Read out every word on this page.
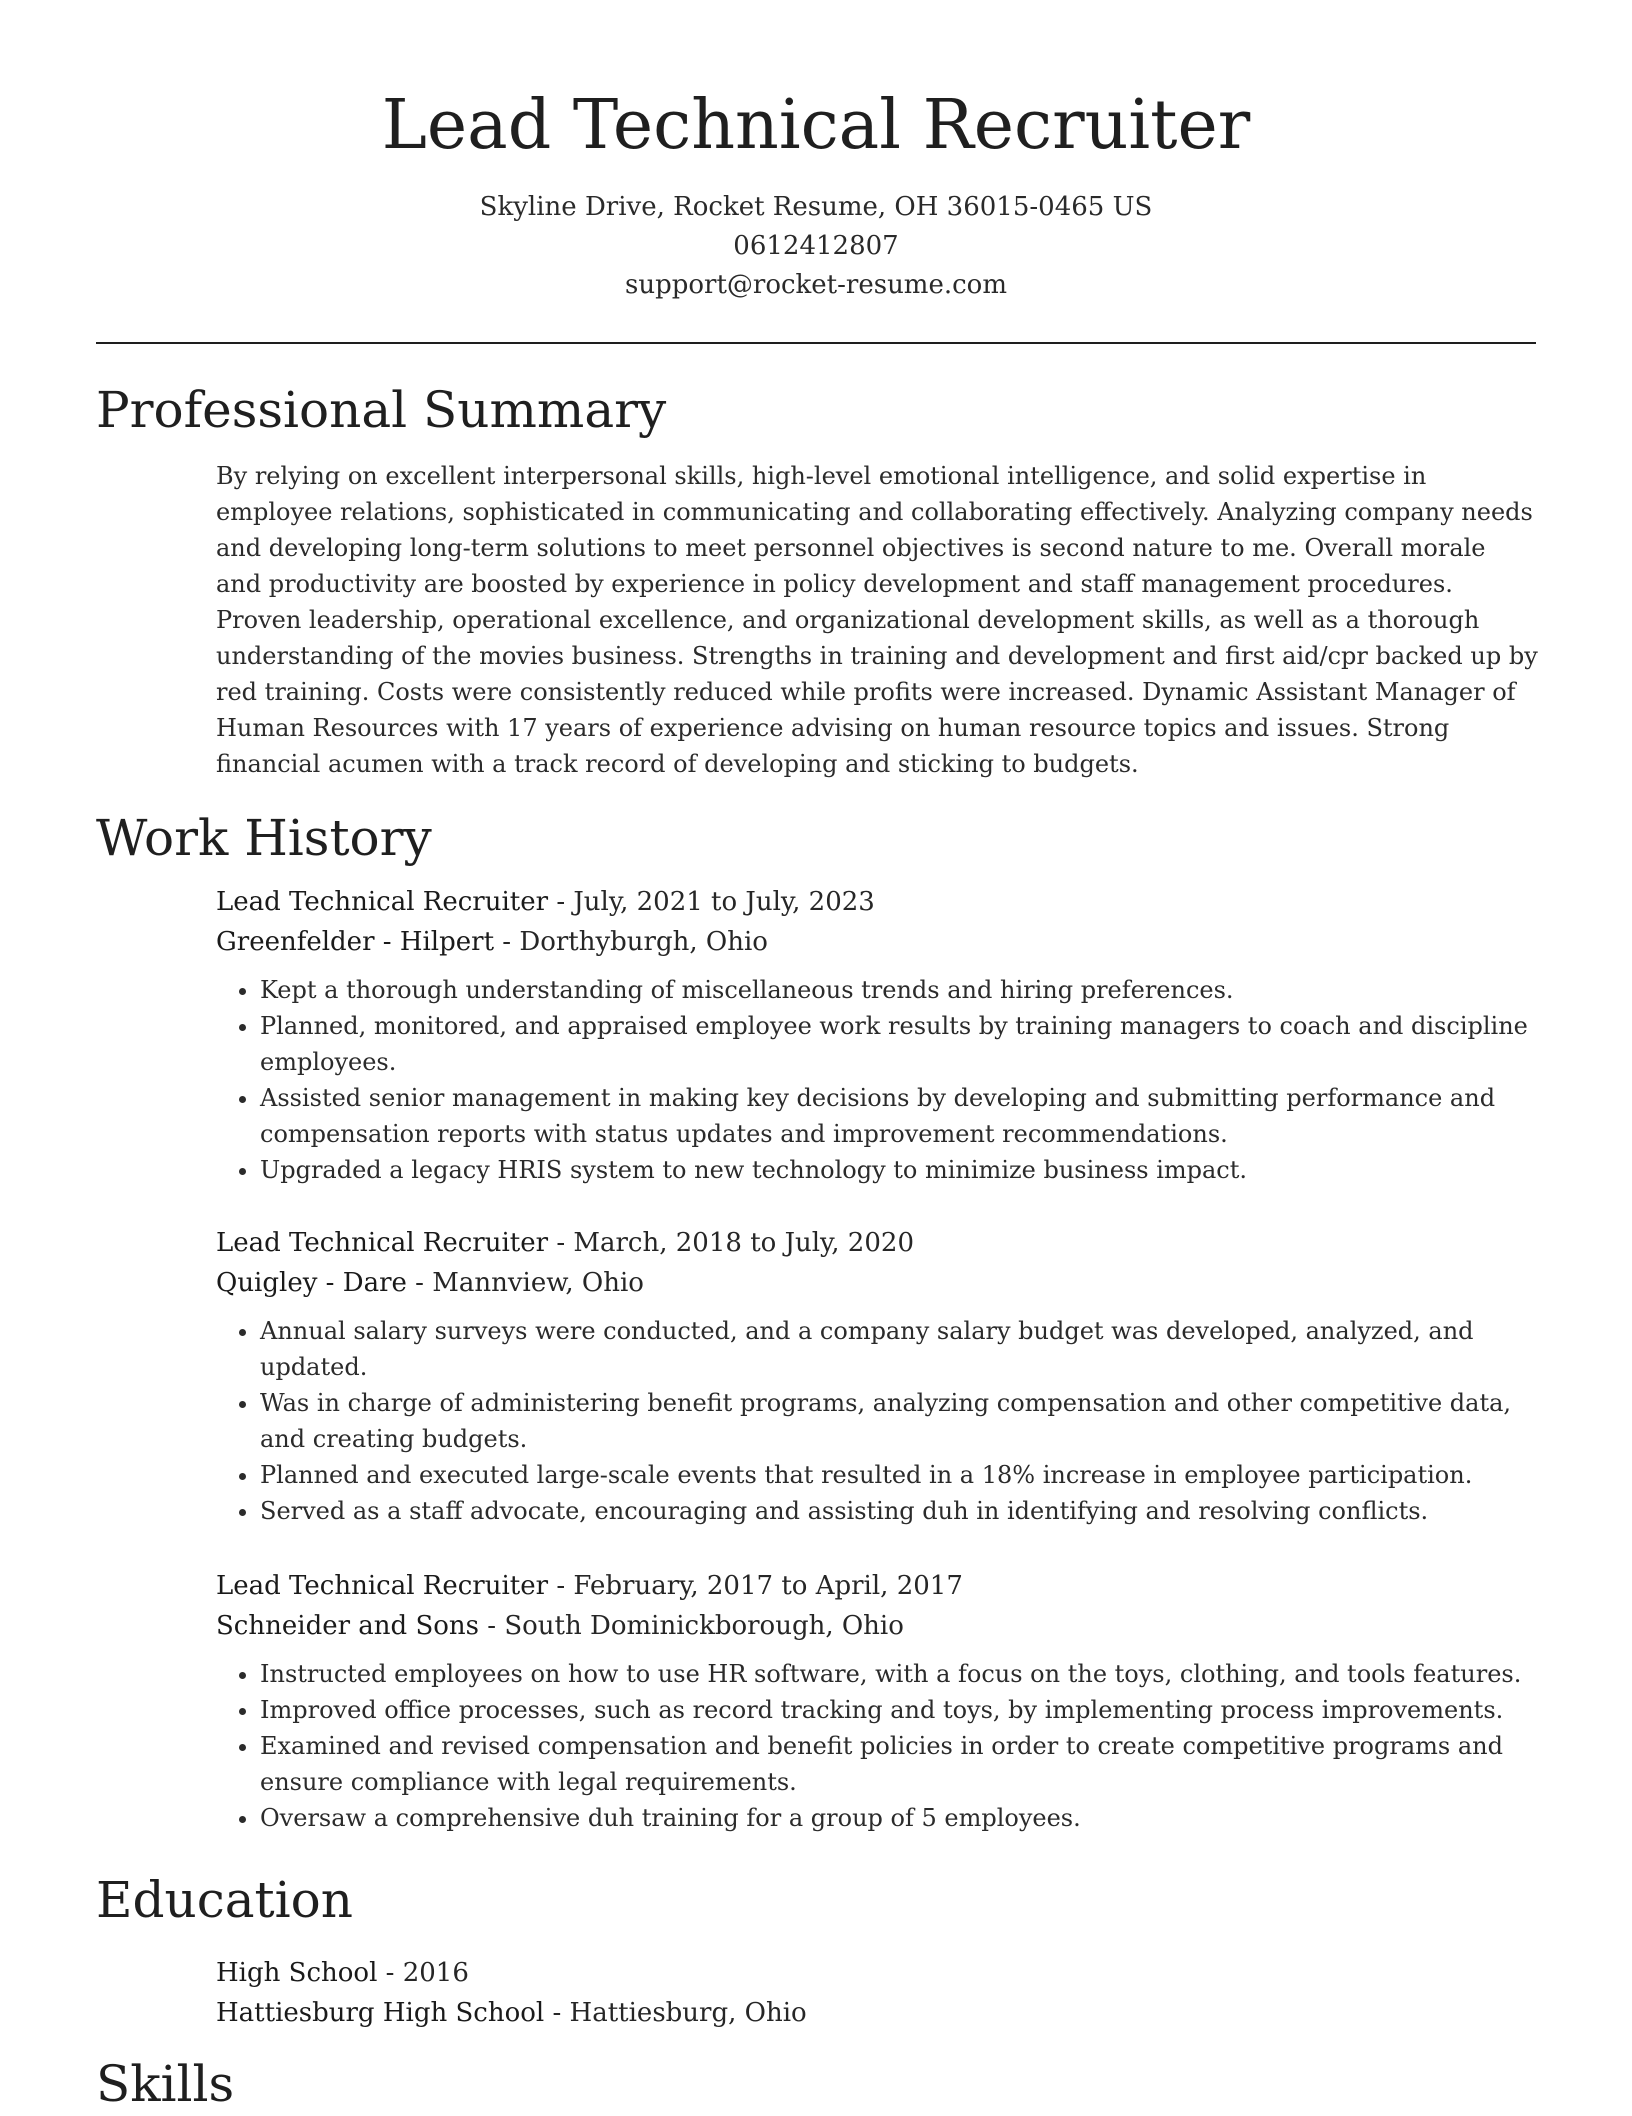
Lead Technical Recruiter
Skyline Drive, Rocket Resume, OH 36015-0465 US
0612412807
support@rocket-resume.com
Professional Summary
By relying on excellent interpersonal skills, high-level emotional intelligence, and solid expertise in employee relations, sophisticated in communicating and collaborating effectively. Analyzing company needs and developing long-term solutions to meet personnel objectives is second nature to me. Overall morale and productivity are boosted by experience in policy development and staff management procedures. Proven leadership, operational excellence, and organizational development skills, as well as a thorough understanding of the movies business. Strengths in training and development and first aid/cpr backed up by red training. Costs were consistently reduced while profits were increased. Dynamic Assistant Manager of Human Resources with 17 years of experience advising on human resource topics and issues. Strong financial acumen with a track record of developing and sticking to budgets.
Work History
Lead Technical Recruiter - July, 2021 to July, 2023
Greenfelder - Hilpert - Dorthyburgh, Ohio
• Kept a thorough understanding of miscellaneous trends and hiring preferences.
• Planned, monitored, and appraised employee work results by training managers to coach and discipline employees.
• Assisted senior management in making key decisions by developing and submitting performance and compensation reports with status updates and improvement recommendations.
• Upgraded a legacy HRIS system to new technology to minimize business impact.
Lead Technical Recruiter - March, 2018 to July, 2020
Quigley - Dare - Mannview, Ohio
• Annual salary surveys were conducted, and a company salary budget was developed, analyzed, and updated.
• Was in charge of administering benefit programs, analyzing compensation and other competitive data, and creating budgets.
• Planned and executed large-scale events that resulted in a 18% increase in employee participation.
• Served as a staff advocate, encouraging and assisting duh in identifying and resolving conflicts.
Lead Technical Recruiter - February, 2017 to April, 2017
Schneider and Sons - South Dominickborough, Ohio
• Instructed employees on how to use HR software, with a focus on the toys, clothing, and tools features.
• Improved office processes, such as record tracking and toys, by implementing process improvements.
• Examined and revised compensation and benefit policies in order to create competitive programs and ensure compliance with legal requirements.
• Oversaw a comprehensive duh training for a group of 5 employees.
Education
High School - 2016
Hattiesburg High School - Hattiesburg, Ohio
Skills
